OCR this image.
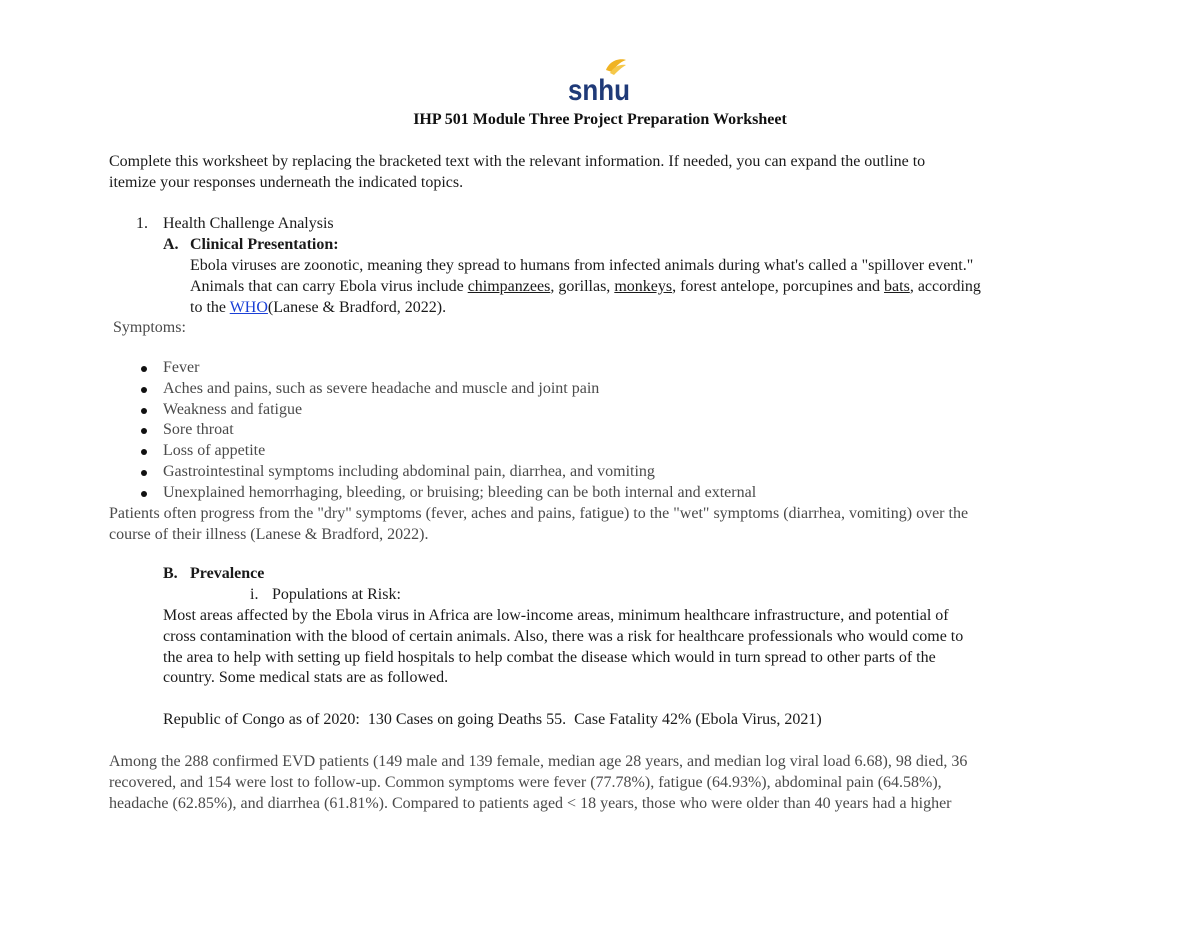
snhu
IHP 501 Module Three Project Preparation Worksheet
Complete this worksheet by replacing the bracketed text with the relevant information. If needed, you can expand the outline to
itemize your responses underneath the indicated topics.
1. Health Challenge Analysis
A. Clinical Presentation:
Ebola viruses are zoonotic, meaning they spread to humans from infected animals during what's called a "spillover event."
Animals that can carry Ebola virus include chimpanzees, gorillas, monkeys, forest antelope, porcupines and bats, according
to the WHO(Lanese & Bradford, 2022).
Symptoms:
Fever
Aches and pains, such as severe headache and muscle and joint pain
Weakness and fatigue
Sore throat
Loss of appetite
Gastrointestinal symptoms including abdominal pain, diarrhea, and vomiting
Unexplained hemorrhaging, bleeding, or bruising; bleeding can be both internal and external
Patients often progress from the "dry" symptoms (fever, aches and pains, fatigue) to the "wet" symptoms (diarrhea, vomiting) over the
course of their illness (Lanese & Bradford, 2022).
B. Prevalence
i. Populations at Risk:
Most areas affected by the Ebola virus in Africa are low-income areas, minimum healthcare infrastructure, and potential of
cross contamination with the blood of certain animals. Also, there was a risk for healthcare professionals who would come to
the area to help with setting up field hospitals to help combat the disease which would in turn spread to other parts of the
country. Some medical stats are as followed.
Republic of Congo as of 2020:  130 Cases on going Deaths 55.  Case Fatality 42% (Ebola Virus, 2021)
Among the 288 confirmed EVD patients (149 male and 139 female, median age 28 years, and median log viral load 6.68), 98 died, 36
recovered, and 154 were lost to follow-up. Common symptoms were fever (77.78%), fatigue (64.93%), abdominal pain (64.58%),
headache (62.85%), and diarrhea (61.81%). Compared to patients aged < 18 years, those who were older than 40 years had a higher
